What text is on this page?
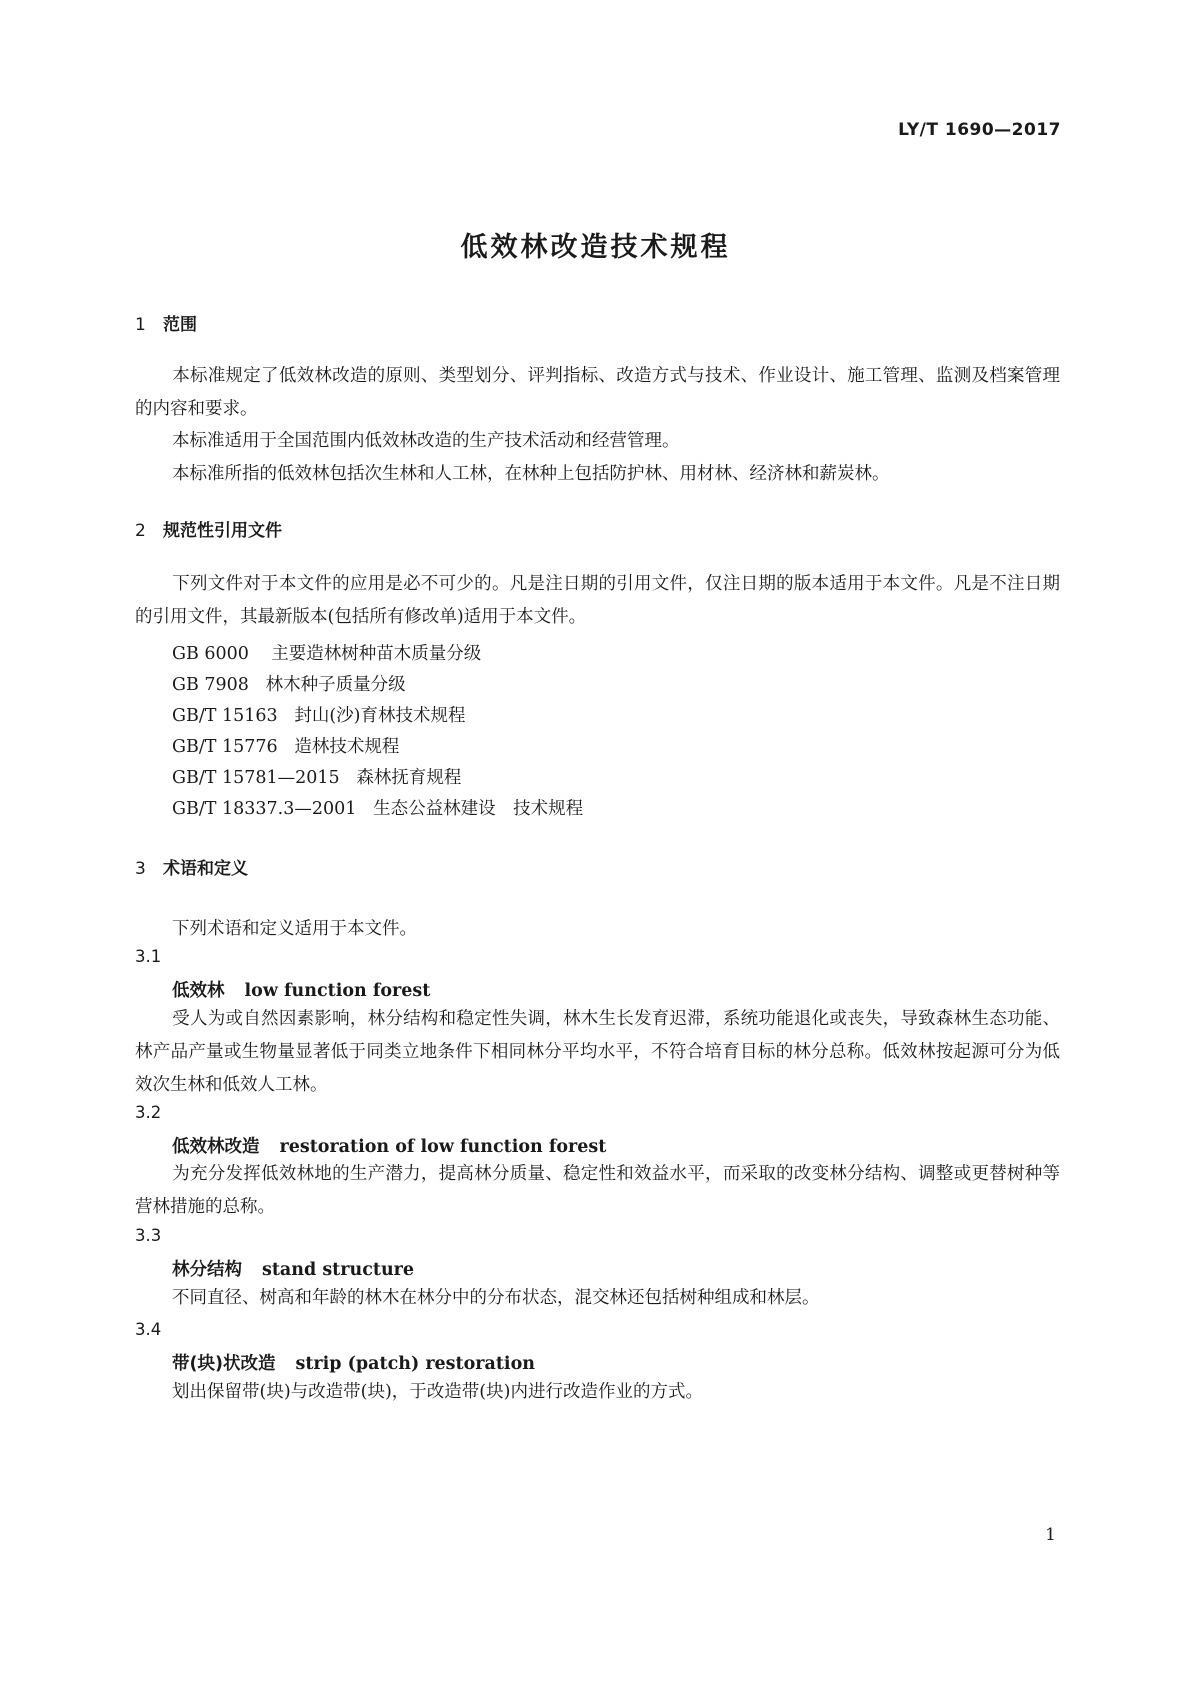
LY/T 1690—2017
低效林改造技术规程
1 范围
本标准规定了低效林改造的原则、类型划分、评判指标、改造方式与技术、作业设计、施工管理、监测及档案管理的内容和要求。
本标准适用于全国范围内低效林改造的生产技术活动和经营管理。
本标准所指的低效林包括次生林和人工林，在林种上包括防护林、用材林、经济林和薪炭林。
2 规范性引用文件
下列文件对于本文件的应用是必不可少的。凡是注日期的引用文件，仅注日期的版本适用于本文件。凡是不注日期的引用文件，其最新版本(包括所有修改单)适用于本文件。
GB 6000 主要造林树种苗木质量分级
GB 7908 林木种子质量分级
GB/T 15163 封山(沙)育林技术规程
GB/T 15776 造林技术规程
GB/T 15781—2015 森林抚育规程
GB/T 18337.3—2001 生态公益林建设　技术规程
3 术语和定义
下列术语和定义适用于本文件。
3.1
低效林 low function forest
受人为或自然因素影响，林分结构和稳定性失调，林木生长发育迟滞，系统功能退化或丧失，导致森林生态功能、林产品产量或生物量显著低于同类立地条件下相同林分平均水平，不符合培育目标的林分总称。低效林按起源可分为低效次生林和低效人工林。
3.2
低效林改造 restoration of low function forest
为充分发挥低效林地的生产潜力，提高林分质量、稳定性和效益水平，而采取的改变林分结构、调整或更替树种等营林措施的总称。
3.3
林分结构 stand structure
不同直径、树高和年龄的林木在林分中的分布状态，混交林还包括树种组成和林层。
3.4
带(块)状改造 strip (patch) restoration
划出保留带(块)与改造带(块)，于改造带(块)内进行改造作业的方式。
1
